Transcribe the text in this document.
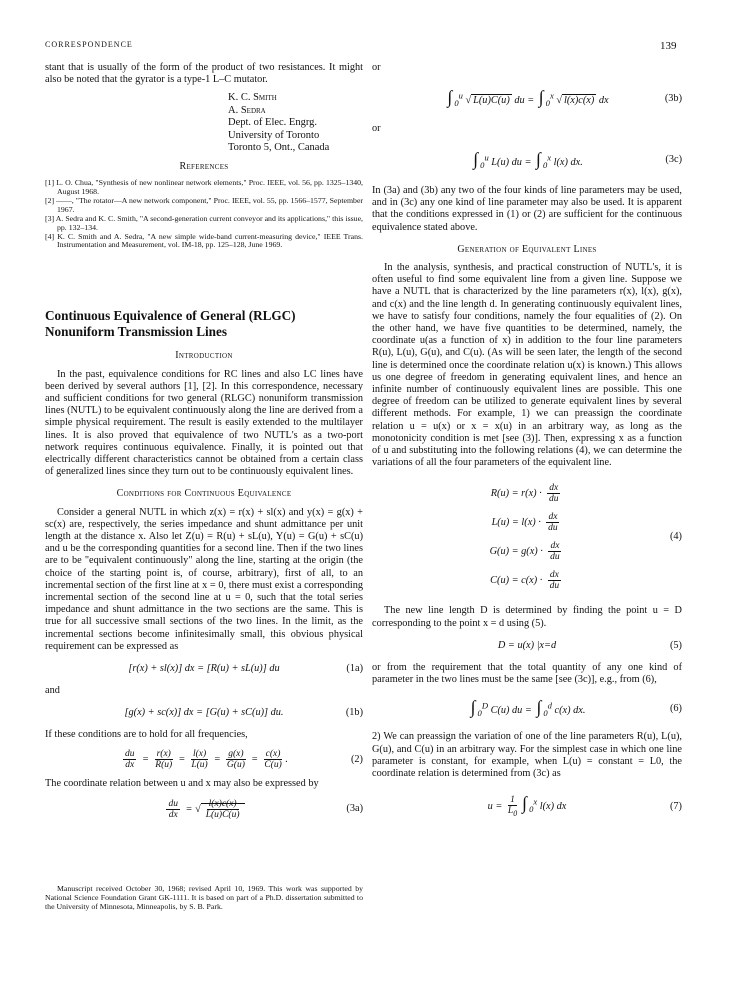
CORRESPONDENCE	139

stant that is usually of the form of the product of two resistances. It might also be noted that the gyrator is a type-1 L–C mutator.

K. C. Smith
A. Sedra
Dept. of Elec. Engrg.
University of Toronto
Toronto 5, Ont., Canada
References
[1] L. O. Chua, "Synthesis of new nonlinear network elements," Proc. IEEE, vol. 56, pp. 1325–1340, August 1968.
[2] ——, "The rotator—A new network component," Proc. IEEE, vol. 55, pp. 1566–1577, September 1967.
[3] A. Sedra and K. C. Smith, "A second-generation current conveyor and its applications," this issue, pp. 132–134.
[4] K. C. Smith and A. Sedra, "A new simple wide-band current-measuring device," IEEE Trans. Instrumentation and Measurement, vol. IM-18, pp. 125–128, June 1969.
Continuous Equivalence of General (RLGC) Nonuniform Transmission Lines
Introduction

In the past, equivalence conditions for RC lines and also LC lines have been derived by several authors [1], [2]. In this correspondence, necessary and sufficient conditions for two general (RLGC) nonuniform transmission lines (NUTL) to be equivalent continuously along the line are derived from a simple physical requirement. The result is easily extended to the multilayer lines. It is also proved that equivalence of two NUTL's as a two-port network requires continuous equivalence. Finally, it is pointed out that electrically different characteristics cannot be obtained from a certain class of generalized lines since they turn out to be continuously equivalent lines.

Conditions for Continuous Equivalence

Consider a general NUTL in which z(x) = r(x) + sl(x) and y(x) = g(x) + sc(x) are, respectively, the series impedance and shunt admittance per unit length at the distance x. Also let Z(u) = R(u) + sL(u), Y(u) = G(u) + sC(u) and u be the corresponding quantities for a second line. Then if the two lines are to be "equivalent continuously" along the line, starting at the origin (the choice of the starting point is, of course, arbitrary), first of all, to an incremental section of the first line at x = 0, there must exist a corresponding incremental section of the second line at u = 0, such that the total series impedance and shunt admittance in the two sections are the same. This is true for all successive small sections of the two lines. In the limit, as the incremental sections become infinitesimally small, this obvious physical requirement can be expressed as

[r(x) + sl(x)] dx = [R(u) + sL(u)] du	(1a)

and

[g(x) + sc(x)] dx = [G(u) + sC(u)] du.	(1b)

If these conditions are to hold for all frequencies,

$\frac{du}{dx} = \frac{r(x)}{R(u)} = \frac{l(x)}{L(u)} = \frac{g(x)}{G(u)} = \frac{c(x)}{C(u)}$ .	(2)

The coordinate relation between u and x may also be expressed by

$\frac{du}{dx}$ = √ $\frac{l(x)c(x)}{L(u)C(u)}$	(3a)
Manuscript received October 30, 1968; revised April 10, 1969. This work was supported by National Science Foundation Grant GK-1111. It is based on part of a Ph.D. dissertation submitted to the University of Minnesota, Minneapolis, by S. B. Park.

or

∫ $_0^u$ √ L(u)C(u) du = ∫ $_0^x$ √ l(x)c(x) dx	(3b)

or

∫ $_0^u$ L(u) du = ∫ $_0^x$ l(x) dx.	(3c)

In (3a) and (3b) any two of the four kinds of line parameters may be used, and in (3c) any one kind of line parameter may also be used. It is apparent that the conditions expressed in (1) or (2) are sufficient for the continuous equivalence stated above.

Generation of Equivalent Lines

In the analysis, synthesis, and practical construction of NUTL's, it is often useful to find some equivalent line from a given line. Suppose we have a NUTL that is characterized by the line parameters r(x), l(x), g(x), and c(x) and the line length d. In generating continuously equivalent lines, we have to satisfy four conditions, namely the four equalities of (2). On the other hand, we have five quantities to be determined, namely, the coordinate u(as a function of x) in addition to the four line parameters R(u), L(u), G(u), and C(u). (As will be seen later, the length of the second line is determined once the coordinate relation u(x) is known.) This allows us one degree of freedom in generating equivalent lines, and hence an infinite number of continuously equivalent lines are possible. This one degree of freedom can be utilized to generate equivalent lines by several different methods. For example, 1) we can preassign the coordinate relation u = u(x) or x = x(u) in an arbitrary way, as long as the monotonicity condition is met [see (3)]. Then, expressing x as a function of u and substituting into the following relations (4), we can determine the variations of all the four parameters of the equivalent line.

$R(u) = r(x) \cdot \frac{dx}{du}$
$L(u) = l(x) \cdot \frac{dx}{du}$
$G(u) = g(x) \cdot \frac{dx}{du}$
$C(u) = c(x) \cdot \frac{dx}{du}$
(4)

The new line length D is determined by finding the point u = D corresponding to the point x = d using (5).

D = u(x) |x=d	(5)

or from the requirement that the total quantity of any one kind of parameter in the two lines must be the same [see (3c)], e.g., from (6),

∫ $_0^D$ C(u) du = ∫ $_0^d$ c(x) dx.	(6)

2) We can preassign the variation of one of the line parameters R(u), L(u), G(u), and C(u) in an arbitrary way. For the simplest case in which one line parameter is constant, for example, when L(u) = constant = L0, the coordinate relation is determined from (3c) as

$u = \frac{1}{L_0}$ ∫ $_0^x$ l(x) dx	(7)
